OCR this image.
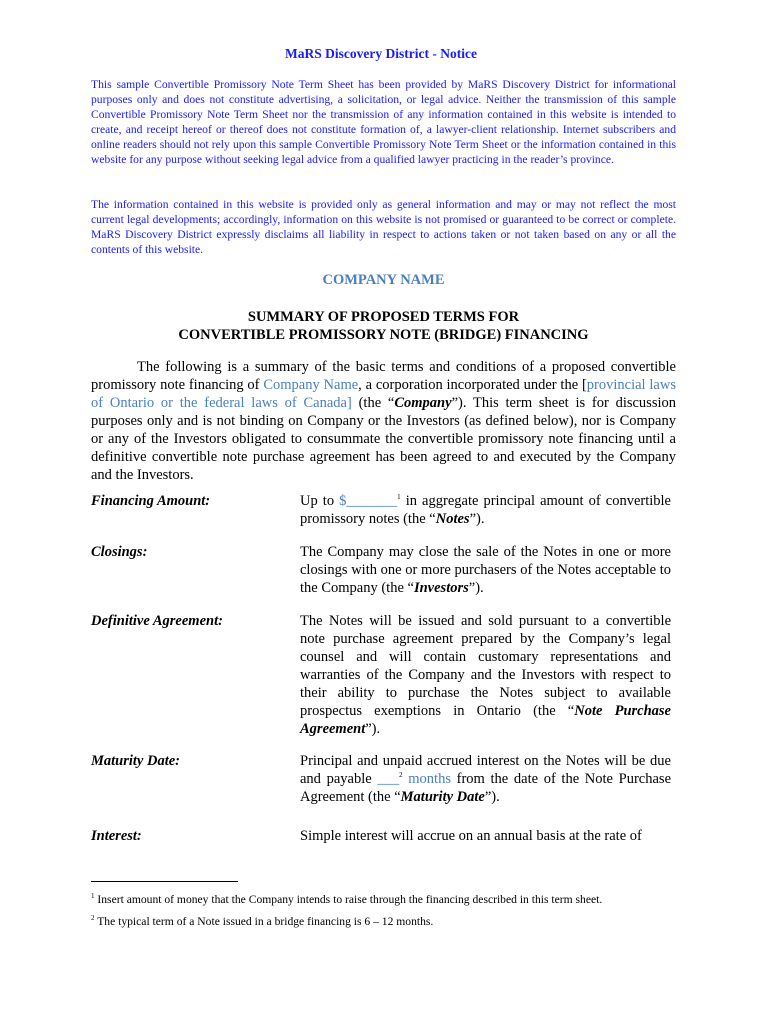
MaRS Discovery District - Notice

This sample Convertible Promissory Note Term Sheet has been provided by MaRS Discovery District for informational purposes only and does not constitute advertising, a solicitation, or legal advice. Neither the transmission of this sample Convertible Promissory Note Term Sheet nor the transmission of any information contained in this website is intended to create, and receipt hereof or thereof does not constitute formation of, a lawyer-client relationship. Internet subscribers and online readers should not rely upon this sample Convertible Promissory Note Term Sheet or the information contained in this website for any purpose without seeking legal advice from a qualified lawyer practicing in the reader’s province.

The information contained in this website is provided only as general information and may or may not reflect the most current legal developments; accordingly, information on this website is not promised or guaranteed to be correct or complete. MaRS Discovery District expressly disclaims all liability in respect to actions taken or not taken based on any or all the contents of this website.

COMPANY NAME
SUMMARY OF PROPOSED TERMS FOR
CONVERTIBLE PROMISSORY NOTE (BRIDGE) FINANCING

The following is a summary of the basic terms and conditions of a proposed convertible promissory note financing of Company Name, a corporation incorporated under the [provincial laws of Ontario or the federal laws of Canada] (the “Company”). This term sheet is for discussion purposes only and is not binding on Company or the Investors (as defined below), nor is Company or any of the Investors obligated to consummate the convertible promissory note financing until a definitive convertible note purchase agreement has been agreed to and executed by the Company and the Investors.

Financing Amount:	Up to $_______$^1$ in aggregate principal amount of convertible promissory notes (the “Notes”).
Closings:	The Company may close the sale of the Notes in one or more closings with one or more purchasers of the Notes acceptable to the Company (the “Investors”).
Definitive Agreement:	The Notes will be issued and sold pursuant to a convertible note purchase agreement prepared by the Company’s legal counsel and will contain customary representations and warranties of the Company and the Investors with respect to their ability to purchase the Notes subject to available prospectus exemptions in Ontario (the “Note Purchase Agreement”).
Maturity Date:	Principal and unpaid accrued interest on the Notes will be due and payable ___$^2$ months from the date of the Note Purchase Agreement (the “Maturity Date”).
Interest:	Simple interest will accrue on an annual basis at the rate of
$^1$ Insert amount of money that the Company intends to raise through the financing described in this term sheet.
$^2$ The typical term of a Note issued in a bridge financing is 6 – 12 months.
